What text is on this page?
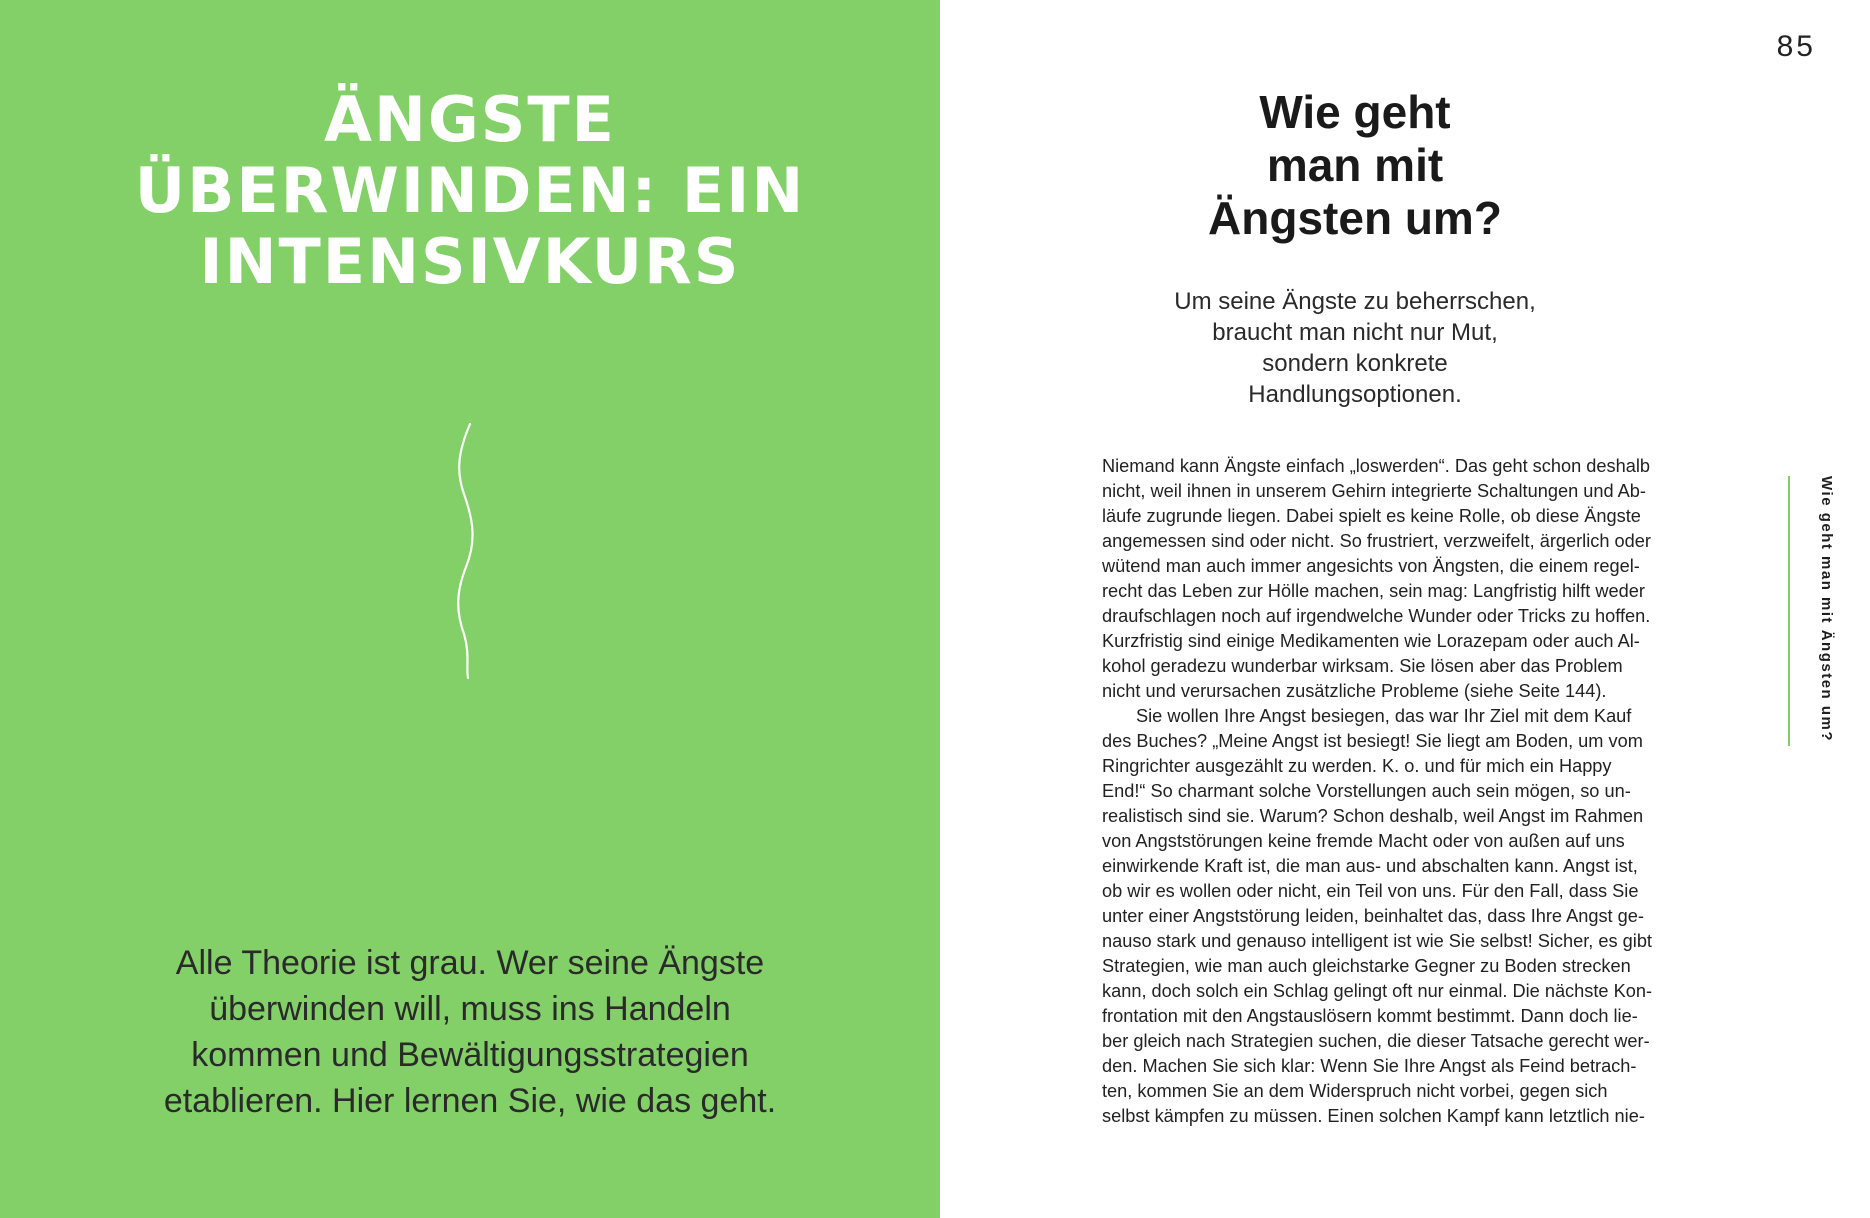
ÄNGSTE
ÜBERWINDEN: EIN
INTENSIVKURS
Alle Theorie ist grau. Wer seine Ängste
überwinden will, muss ins Handeln
kommen und Bewältigungsstrategien
etablieren. Hier lernen Sie, wie das geht.
85
Wie geht
man mit
Ängsten um?
Um seine Ängste zu beherrschen,
braucht man nicht nur Mut,
sondern konkrete
Handlungsoptionen.
Niemand kann Ängste einfach „loswerden“. Das geht schon deshalb
nicht, weil ihnen in unserem Gehirn integrierte Schaltungen und Ab-
läufe zugrunde liegen. Dabei spielt es keine Rolle, ob diese Ängste
angemessen sind oder nicht. So frustriert, verzweifelt, ärgerlich oder
wütend man auch immer angesichts von Ängsten, die einem regel-
recht das Leben zur Hölle machen, sein mag: Langfristig hilft weder
draufschlagen noch auf irgendwelche Wunder oder Tricks zu hoffen.
Kurzfristig sind einige Medikamenten wie Lorazepam oder auch Al-
kohol geradezu wunderbar wirksam. Sie lösen aber das Problem
nicht und verursachen zusätzliche Probleme (siehe Seite 144).
Sie wollen Ihre Angst besiegen, das war Ihr Ziel mit dem Kauf
des Buches? „Meine Angst ist besiegt! Sie liegt am Boden, um vom
Ringrichter ausgezählt zu werden. K. o. und für mich ein Happy
End!“ So charmant solche Vorstellungen auch sein mögen, so un-
realistisch sind sie. Warum? Schon deshalb, weil Angst im Rahmen
von Angststörungen keine fremde Macht oder von außen auf uns
einwirkende Kraft ist, die man aus- und abschalten kann. Angst ist,
ob wir es wollen oder nicht, ein Teil von uns. Für den Fall, dass Sie
unter einer Angststörung leiden, beinhaltet das, dass Ihre Angst ge-
nauso stark und genauso intelligent ist wie Sie selbst! Sicher, es gibt
Strategien, wie man auch gleichstarke Gegner zu Boden strecken
kann, doch solch ein Schlag gelingt oft nur einmal. Die nächste Kon-
frontation mit den Angstauslösern kommt bestimmt. Dann doch lie-
ber gleich nach Strategien suchen, die dieser Tatsache gerecht wer-
den. Machen Sie sich klar: Wenn Sie Ihre Angst als Feind betrach-
ten, kommen Sie an dem Widerspruch nicht vorbei, gegen sich
selbst kämpfen zu müssen. Einen solchen Kampf kann letztlich nie-
Wie geht man mit Ängsten um?
